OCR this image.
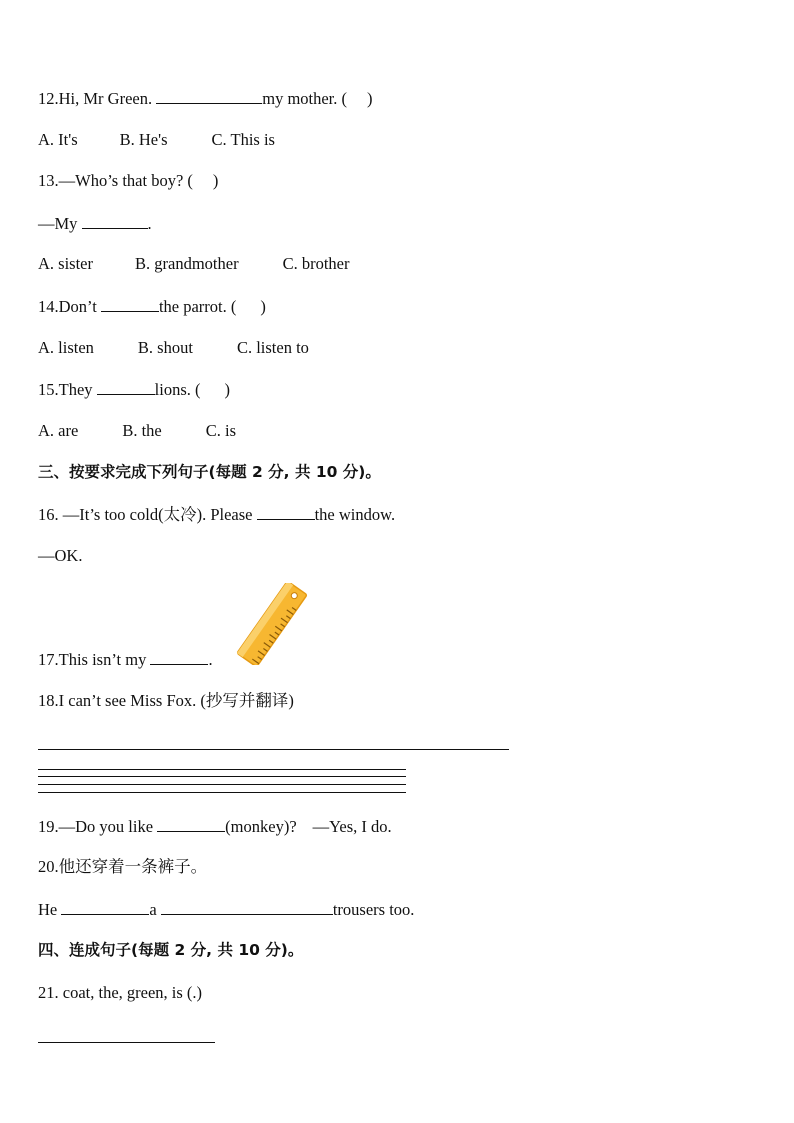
12.Hi, Mr Green.	my mother. ( )
A. It's	B. He's	C. This is
13.—Who’s that boy? ( )
—My	.
A. sister	B. grandmother	C. brother
14.Don’t	the parrot. ( )
A. listen	B. shout	C. listen to
15.They	lions. ( )
A. are	B. the	C. is
三、按要求完成下列句子(每题 2 分, 共 10 分)。
16. —It’s too cold(太冷). Please	the window.
—OK.
17.This isn’t my	.
18.I can’t see Miss Fox. (抄写并翻译)
19.—Do you like	(monkey)? —Yes, I do.
20.他还穿着一条裤子。
He	a	trousers too.
四、连成句子(每题 2 分, 共 10 分)。
21. coat, the, green, is (.)
